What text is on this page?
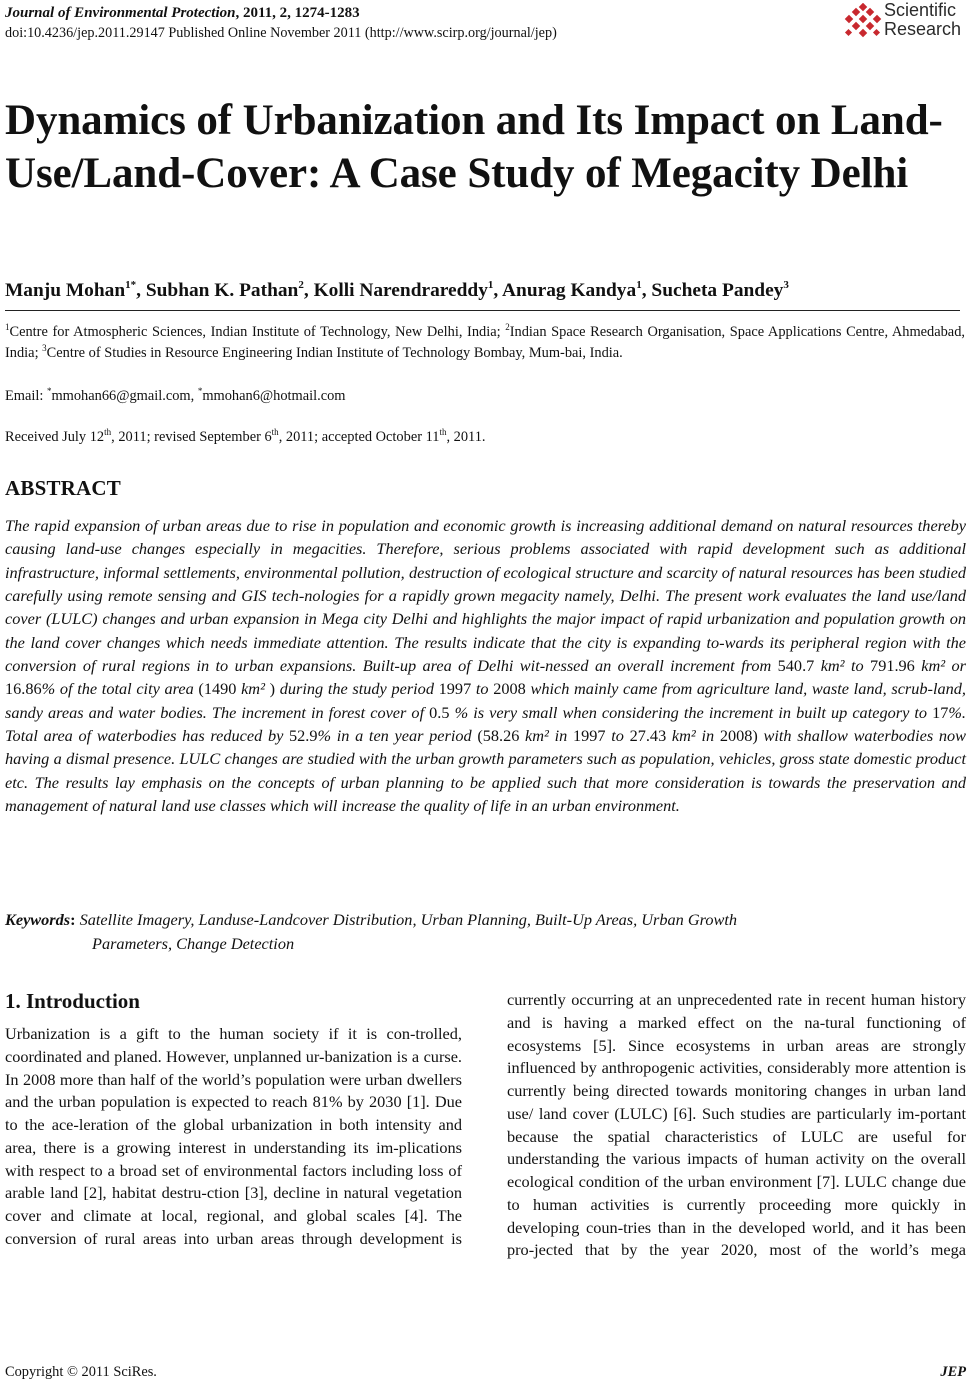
Journal of Environmental Protection, 2011, 2, 1274-1283
doi:10.4236/jep.2011.29147 Published Online November 2011 (http://www.scirp.org/journal/jep)
Scientific
Research
Dynamics of Urbanization and Its Impact on Land-Use/Land-Cover: A Case Study of Megacity Delhi
Manju Mohan$^{1*}$, Subhan K. Pathan$^2$, Kolli Narendrareddy$^1$, Anurag Kandya$^1$, Sucheta Pandey$^3$
$^1$Centre for Atmospheric Sciences, Indian Institute of Technology, New Delhi, India; $^2$Indian Space Research Organisation, Space Applications Centre, Ahmedabad, India; $^3$Centre of Studies in Resource Engineering Indian Institute of Technology Bombay, Mum-bai, India.
Email: *mmohan66@gmail.com, *mmohan6@hotmail.com
Received July 12th, 2011; revised September 6th, 2011; accepted October 11th, 2011.
ABSTRACT

The rapid expansion of urban areas due to rise in population and economic growth is increasing additional demand on natural resources thereby causing land-use changes especially in megacities. Therefore, serious problems associated with rapid development such as additional infrastructure, informal settlements, environmental pollution, destruction of ecological structure and scarcity of natural resources has been studied carefully using remote sensing and GIS tech-nologies for a rapidly grown megacity namely, Delhi. The present work evaluates the land use/land cover (LULC) changes and urban expansion in Mega city Delhi and highlights the major impact of rapid urbanization and population growth on the land cover changes which needs immediate attention. The results indicate that the city is expanding to-wards its peripheral region with the conversion of rural regions in to urban expansions. Built-up area of Delhi wit-nessed an overall increment from 540.7 km² to 791.96 km² or 16.86% of the total city area (1490 km² ) during the study period 1997 to 2008 which mainly came from agriculture land, waste land, scrub-land, sandy areas and water bodies. The increment in forest cover of 0.5 % is very small when considering the increment in built up category to 17%. Total area of waterbodies has reduced by 52.9% in a ten year period (58.26 km² in 1997 to 27.43 km² in 2008) with shallow waterbodies now having a dismal presence. LULC changes are studied with the urban growth parameters such as population, vehicles, gross state domestic product etc. The results lay emphasis on the concepts of urban planning to be applied such that more consideration is towards the preservation and management of natural land use classes which will increase the quality of life in an urban environment.

Keywords: Satellite Imagery, Landuse-Landcover Distribution, Urban Planning, Built-Up Areas, Urban Growth
Parameters, Change Detection
1. Introduction

Urbanization is a gift to the human society if it is con-trolled, coordinated and planed. However, unplanned ur-banization is a curse. In 2008 more than half of the world’s population were urban dwellers and the urban population is expected to reach 81% by 2030 [1]. Due to the ace-leration of the global urbanization in both intensity and area, there is a growing interest in understanding its im-plications with respect to a broad set of environmental factors including loss of arable land [2], habitat destru-ction [3], decline in natural vegetation cover and climate at local, regional, and global scales [4]. The conversion of rural areas into urban areas through development is

currently occurring at an unprecedented rate in recent human history and is having a marked effect on the na-tural functioning of ecosystems [5]. Since ecosystems in urban areas are strongly influenced by anthropogenic activities, considerably more attention is currently being directed towards monitoring changes in urban land use/ land cover (LULC) [6]. Such studies are particularly im-portant because the spatial characteristics of LULC are useful for understanding the various impacts of human activity on the overall ecological condition of the urban environment [7]. LULC change due to human activities is currently proceeding more quickly in developing coun-tries than in the developed world, and it has been pro-jected that by the year 2020, most of the world’s mega

Copyright © 2011 SciRes.	JEP
